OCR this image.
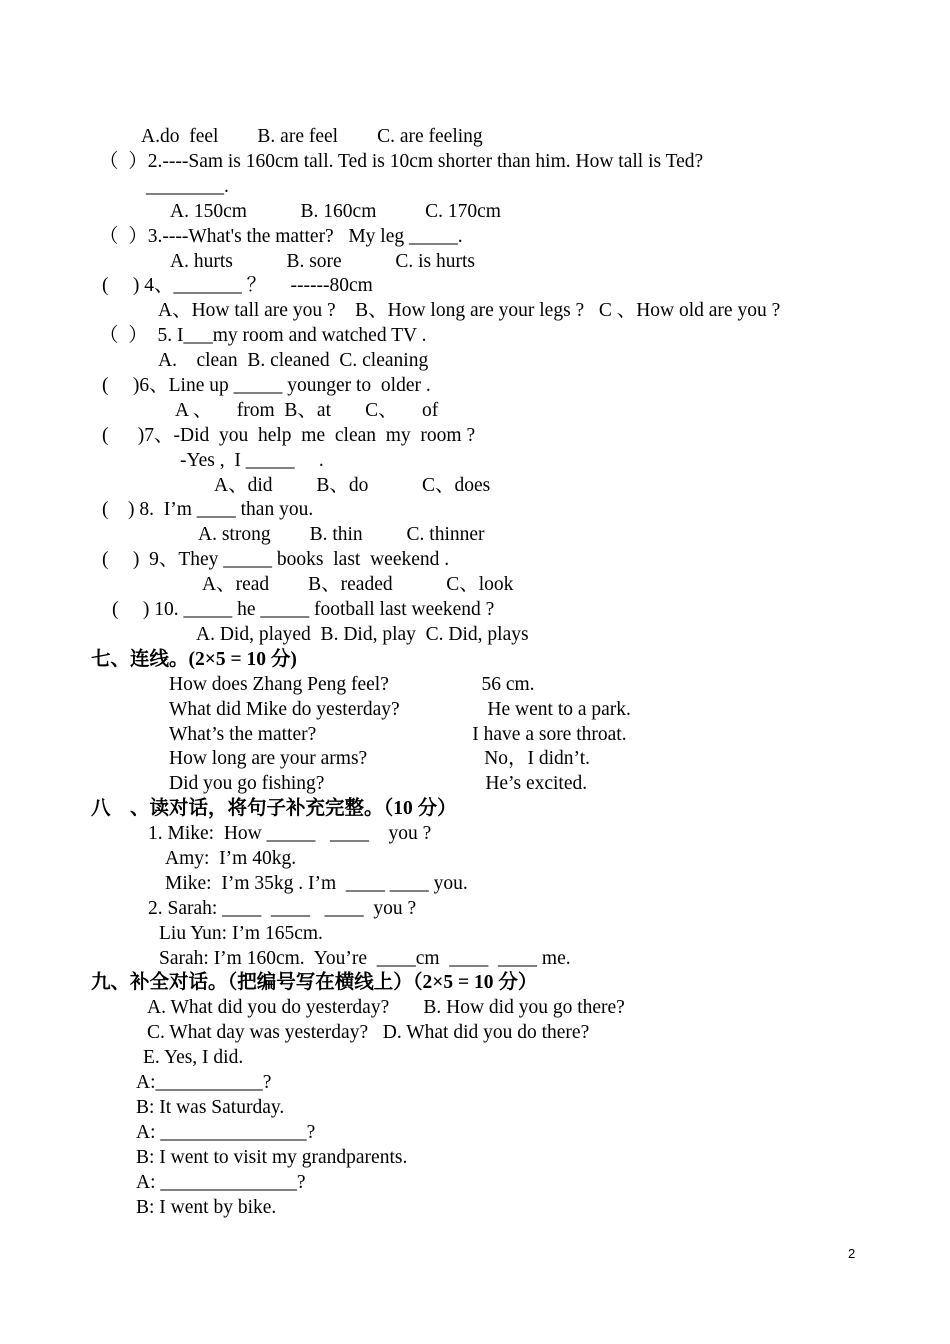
A.do  feel        B. are feel        C. are feeling
（  ）2.----Sam is 160cm tall. Ted is 10cm shorter than him. How tall is Ted?
________.
A. 150cm           B. 160cm          C. 170cm
（  ）3.----What's the matter?   My leg _____.
A. hurts           B. sore           C. is hurts
(     ) 4、_______ ？     ------80cm
A、How tall are you ?    B、How long are your legs ?   C 、How old are you ?
（  ）  5. I___my room and watched TV .
A.    clean  B. cleaned  C. cleaning
(     )6、Line up _____ younger to  older .
A 、     from  B、at       C、     of
(      )7、-Did  you  help  me  clean  my  room ?
-Yes ,  I _____     .
A、did         B、do           C、does
(    ) 8.  I’m ____ than you.
A. strong        B. thin         C. thinner
(     )  9、They _____ books  last  weekend .
A、read        B、readed           C、look
(     ) 10. _____ he _____ football last weekend ?
A. Did, played  B. Did, play  C. Did, plays
七、连线。(2×5 = 10 分)
How does Zhang Peng feel?                   56 cm.
What did Mike do yesterday?                  He went to a park.
What’s the matter?                                I have a sore throat.
How long are your arms?                        No，I didn’t.
Did you go fishing?                                 He’s excited.
八    、读对话，将句子补充完整。（10 分）
1. Mike:  How _____   ____    you ?
Amy:  I’m 40kg.
Mike:  I’m 35kg . I’m  ____ ____ you.
2. Sarah: ____  ____   ____  you ?
Liu Yun: I’m 165cm.
Sarah: I’m 160cm.  You’re  ____cm  ____  ____ me.
九、补全对话。（把编号写在横线上）（2×5 = 10 分）
A. What did you do yesterday?       B. How did you go there?
C. What day was yesterday?   D. What did you do there?
E. Yes, I did.
A:___________?
B: It was Saturday.
A: _______________?
B: I went to visit my grandparents.
A: ______________?
B: I went by bike.
2
